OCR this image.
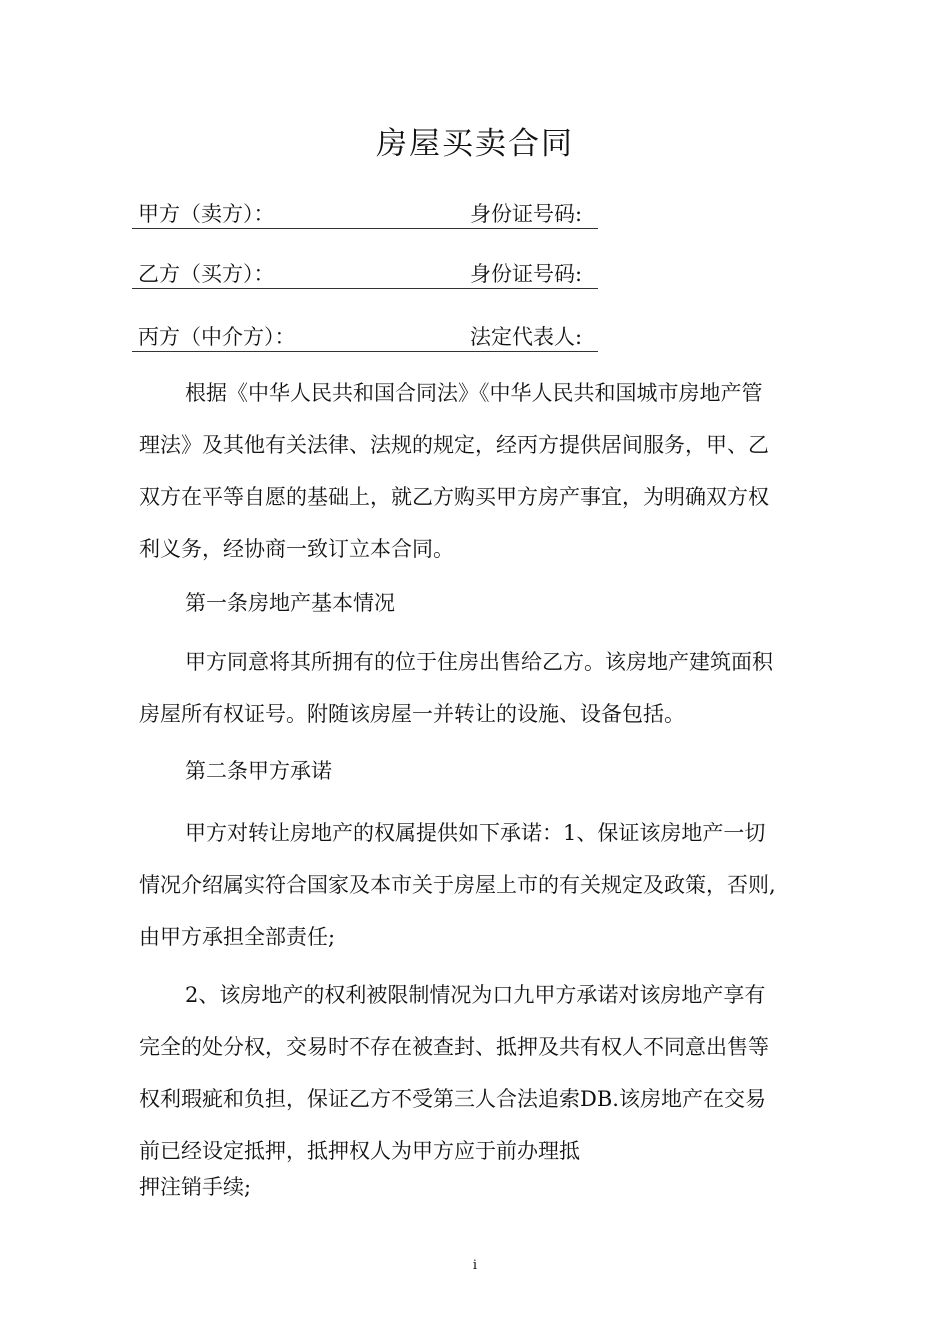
房屋买卖合同
甲方（卖方）：	身份证号码:
乙方（买方）：	身份证号码:
丙方（中介方）：	法定代表人:
根据《中华人民共和国合同法》《中华人民共和国城市房地产管
理法》及其他有关法律、法规的规定，经丙方提供居间服务，甲、乙
双方在平等自愿的基础上，就乙方购买甲方房产事宜，为明确双方权
利义务，经协商一致订立本合同。
第一条房地产基本情况
甲方同意将其所拥有的位于住房出售给乙方。该房地产建筑面积
房屋所有权证号。附随该房屋一并转让的设施、设备包括。
第二条甲方承诺
甲方对转让房地产的权属提供如下承诺：1、保证该房地产一切
情况介绍属实符合国家及本市关于房屋上市的有关规定及政策，否则,
由甲方承担全部责任;
2、该房地产的权利被限制情况为口九甲方承诺对该房地产享有
完全的处分权，交易时不存在被查封、抵押及共有权人不同意出售等
权利瑕疵和负担，保证乙方不受第三人合法追索DB.该房地产在交易
前已经设定抵押，抵押权人为甲方应于前办理抵
押注销手续;
i
